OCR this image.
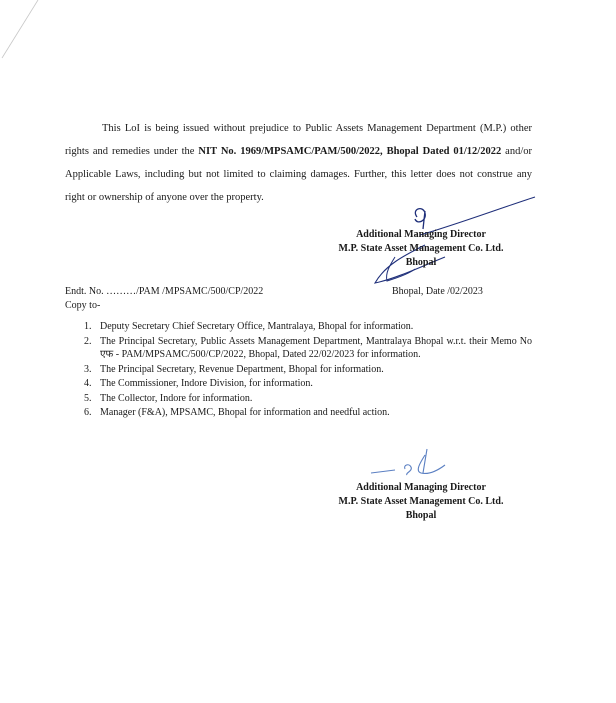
This LoI is being issued without prejudice to Public Assets Management Department (M.P.) other rights and remedies under the NIT No. 1969/MPSAMC/PAM/500/2022, Bhopal Dated 01/12/2022 and/or Applicable Laws, including but not limited to claiming damages. Further, this letter does not construe any right or ownership of anyone over the property.

Additional Managing Director
M.P. State Asset Management Co. Ltd.
Bhopal
Endt. No. ………/PAM /MPSAMC/500/CP/2022	Bhopal, Date /02/2023
Copy to-
1. Deputy Secretary Chief Secretary Office, Mantralaya, Bhopal for information.
2. The Principal Secretary, Public Assets Management Department, Mantralaya Bhopal w.r.t. their Memo No एफ - PAM/MPSAMC/500/CP/2022, Bhopal, Dated 22/02/2023 for information.
3. The Principal Secretary, Revenue Department, Bhopal for information.
4. The Commissioner, Indore Division, for information.
5. The Collector, Indore for information.
6. Manager (F&A), MPSAMC, Bhopal for information and needful action.
Additional Managing Director
M.P. State Asset Management Co. Ltd.
Bhopal
